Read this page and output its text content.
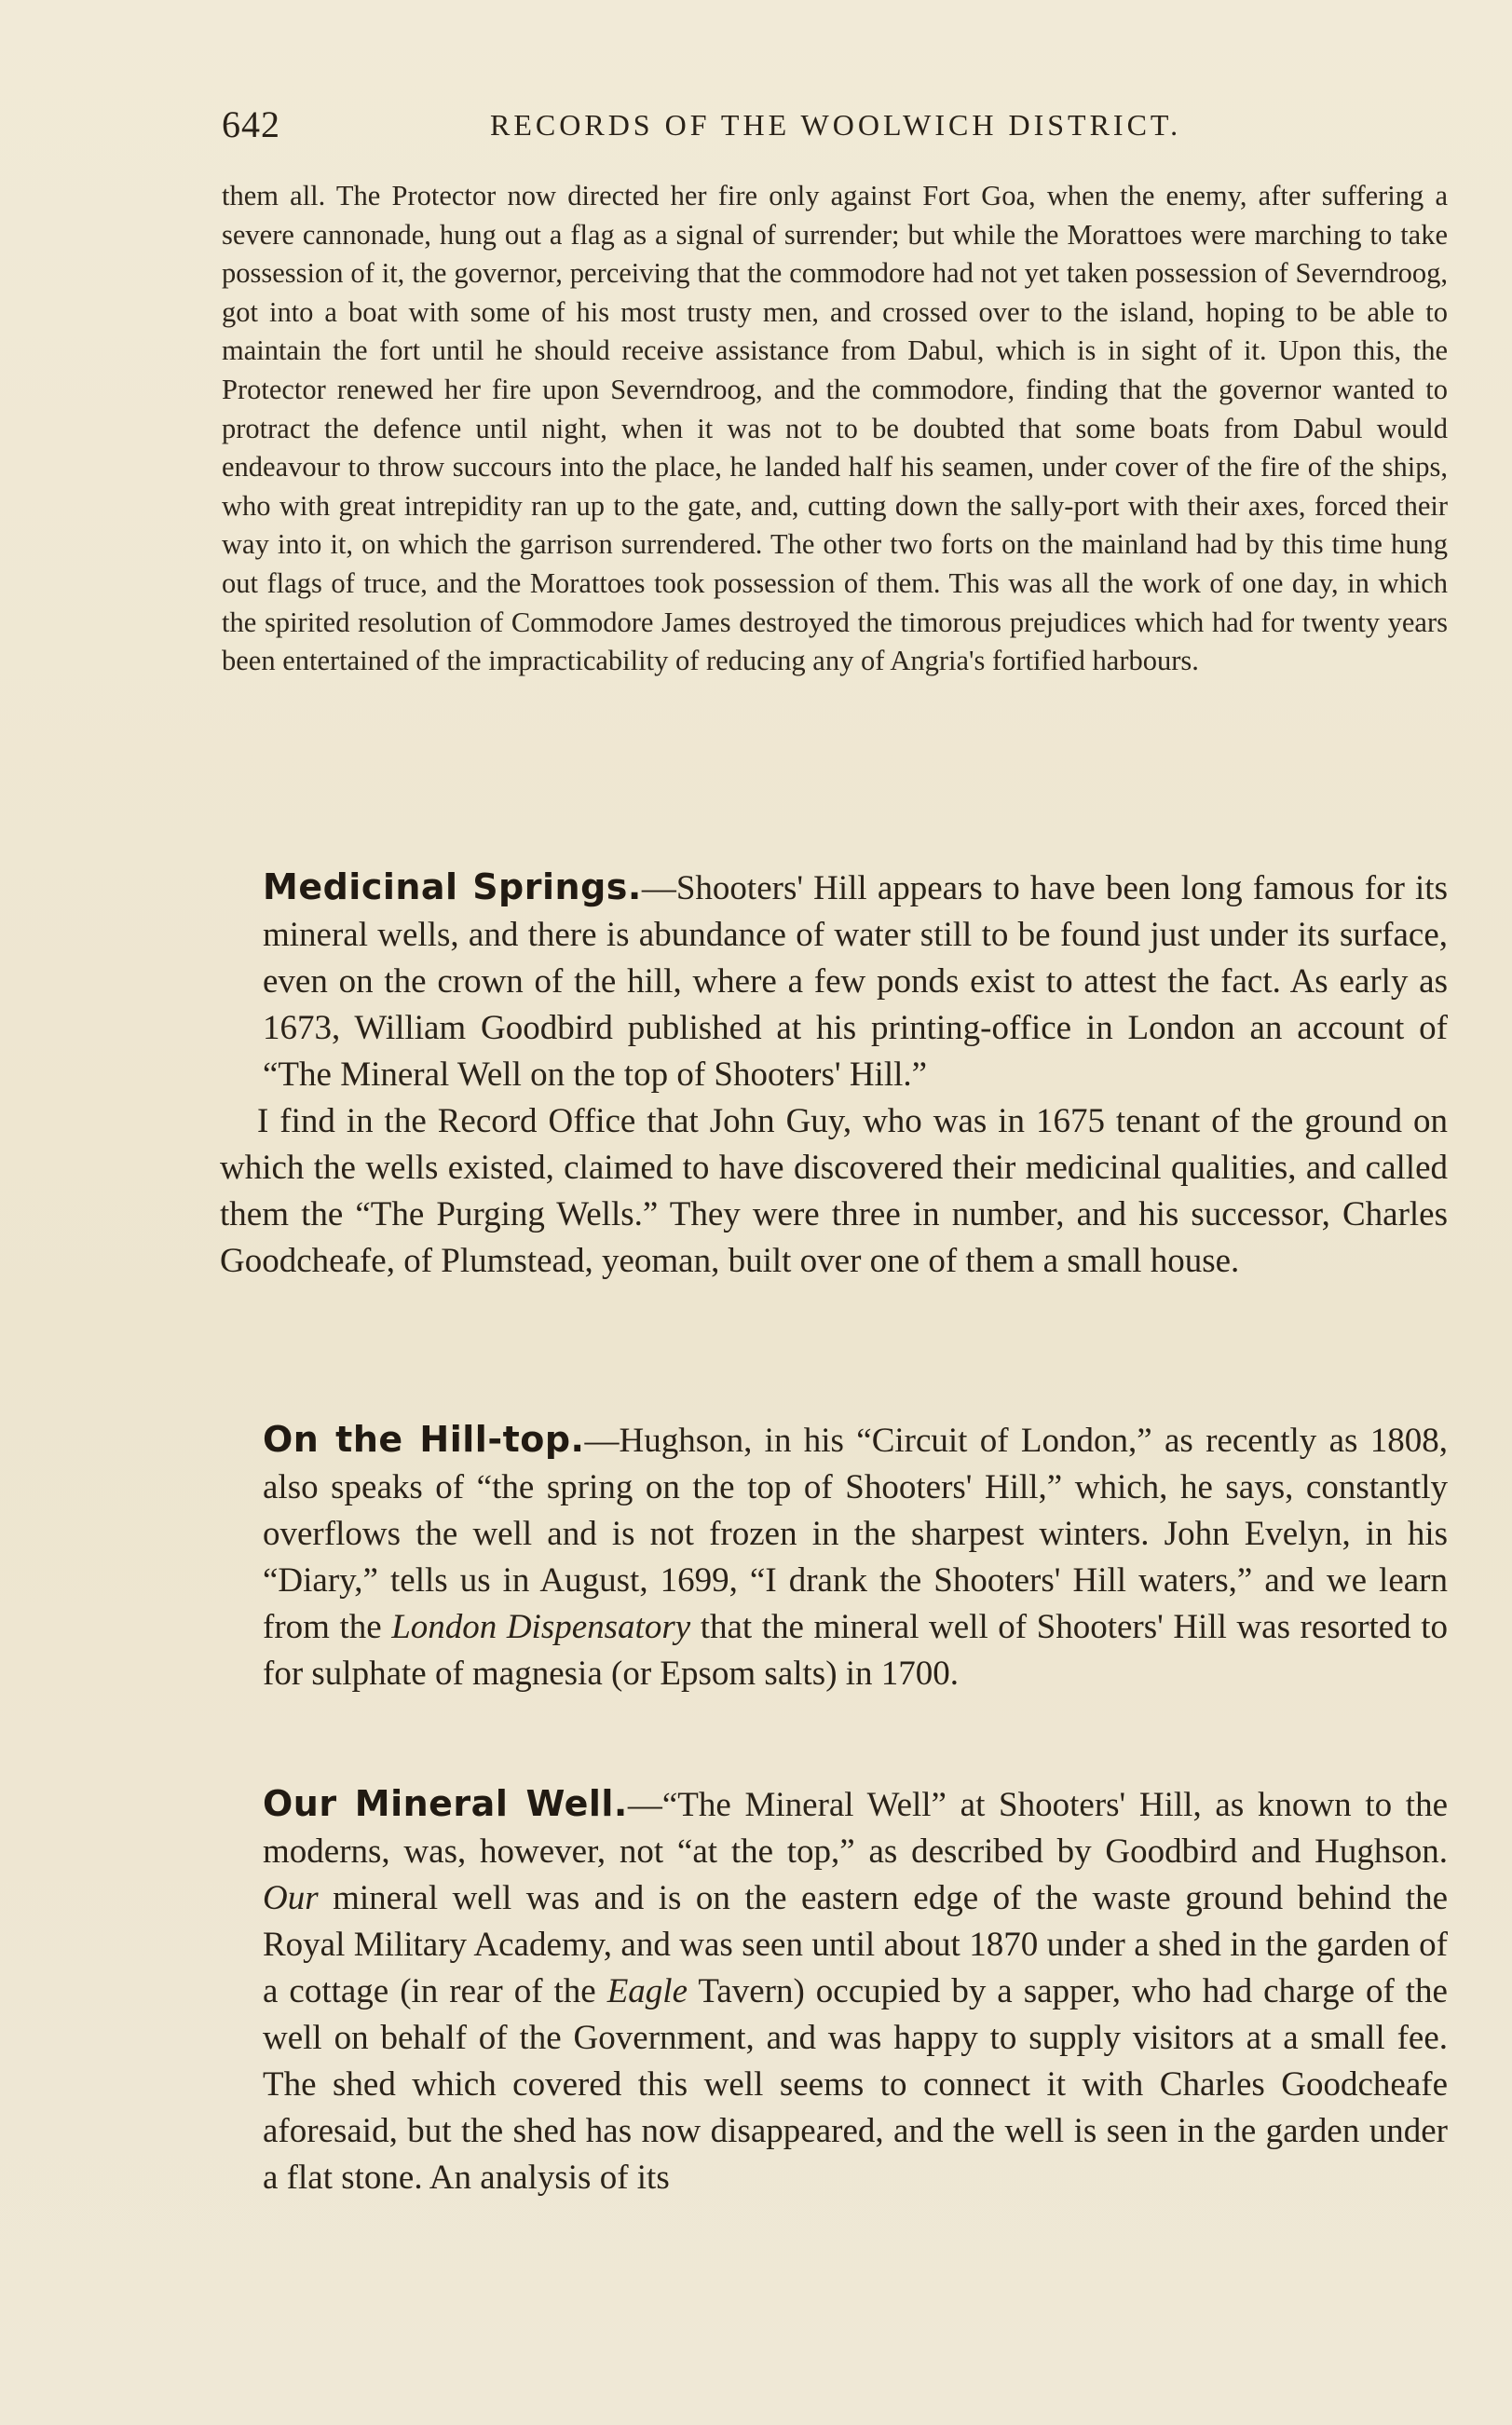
642	RECORDS OF THE WOOLWICH DISTRICT.
them all. The Protector now directed her fire only against Fort Goa, when the enemy, after suffering a severe cannonade, hung out a flag as a signal of surrender; but while the Morattoes were marching to take possession of it, the governor, perceiving that the commodore had not yet taken possession of Severndroog, got into a boat with some of his most trusty men, and crossed over to the island, hoping to be able to maintain the fort until he should receive assistance from Dabul, which is in sight of it. Upon this, the Protector renewed her fire upon Severndroog, and the commodore, finding that the governor wanted to protract the defence until night, when it was not to be doubted that some boats from Dabul would endeavour to throw succours into the place, he landed half his seamen, under cover of the fire of the ships, who with great intrepidity ran up to the gate, and, cutting down the sally-port with their axes, forced their way into it, on which the garrison surrendered. The other two forts on the mainland had by this time hung out flags of truce, and the Morattoes took possession of them. This was all the work of one day, in which the spirited resolution of Commodore James destroyed the timorous prejudices which had for twenty years been entertained of the impracticability of reducing any of Angria's fortified harbours.

Medicinal Springs.—Shooters' Hill appears to have been long famous for its mineral wells, and there is abundance of water still to be found just under its surface, even on the crown of the hill, where a few ponds exist to attest the fact. As early as 1673, William Goodbird published at his printing-office in London an account of “The Mineral Well on the top of Shooters' Hill.”

I find in the Record Office that John Guy, who was in 1675 tenant of the ground on which the wells existed, claimed to have discovered their medicinal qualities, and called them the “The Purging Wells.” They were three in number, and his successor, Charles Goodcheafe, of Plumstead, yeoman, built over one of them a small house.

On the Hill-top.—Hughson, in his “Circuit of London,” as recently as 1808, also speaks of “the spring on the top of Shooters' Hill,” which, he says, constantly overflows the well and is not frozen in the sharpest winters. John Evelyn, in his “Diary,” tells us in August, 1699, “I drank the Shooters' Hill waters,” and we learn from the London Dispensatory that the mineral well of Shooters' Hill was resorted to for sulphate of magnesia (or Epsom salts) in 1700.

Our Mineral Well.—“The Mineral Well” at Shooters' Hill, as known to the moderns, was, however, not “at the top,” as described by Goodbird and Hughson. Our mineral well was and is on the eastern edge of the waste ground behind the Royal Military Academy, and was seen until about 1870 under a shed in the garden of a cottage (in rear of the Eagle Tavern) occupied by a sapper, who had charge of the well on behalf of the Government, and was happy to supply visitors at a small fee. The shed which covered this well seems to connect it with Charles Goodcheafe aforesaid, but the shed has now disappeared, and the well is seen in the garden under a flat stone. An analysis of its
